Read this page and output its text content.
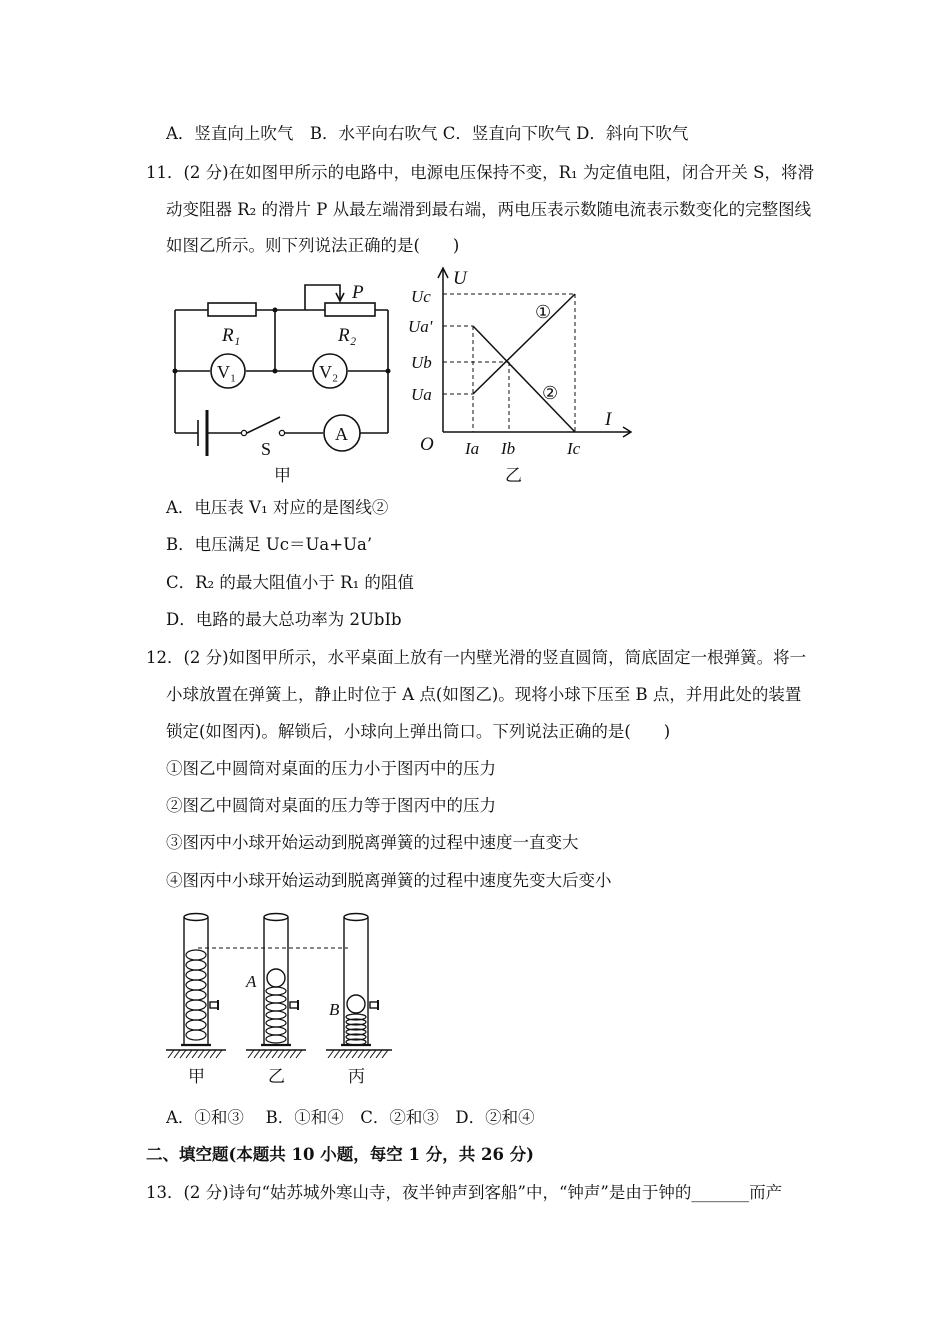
A．竖直向上吹气　B．水平向右吹气 C．竖直向下吹气 D．斜向下吹气
11．(2 分)在如图甲所示的电路中，电源电压保持不变，R₁ 为定值电阻，闭合开关 S，将滑
动变阻器 R₂ 的滑片 P 从最左端滑到最右端，两电压表示数随电流表示数变化的完整图线
如图乙所示。则下列说法正确的是(　　)
R₁	R₂
P
V₁	V₂
A
S
甲
U
I
O
Uc
Ua'
Ub
Ua
Ia Ib	Ic
①
②
乙
A．电压表 V₁ 对应的是图线②
B．电压满足 Uc＝Ua+Ua’
C．R₂ 的最大阻值小于 R₁ 的阻值
D．电路的最大总功率为 2UbIb
12．(2 分)如图甲所示，水平桌面上放有一内壁光滑的竖直圆筒，筒底固定一根弹簧。将一
小球放置在弹簧上，静止时位于 A 点(如图乙)。现将小球下压至 B 点，并用此处的装置
锁定(如图丙)。解锁后，小球向上弹出筒口。下列说法正确的是(　　)
①图乙中圆筒对桌面的压力小于图丙中的压力
②图乙中圆筒对桌面的压力等于图丙中的压力
③图丙中小球开始运动到脱离弹簧的过程中速度一直变大
④图丙中小球开始运动到脱离弹簧的过程中速度先变大后变小
A
B
甲	乙	丙
A．①和③　 B．①和④　C．②和③　D．②和④
二、填空题(本题共 10 小题，每空 1 分，共 26 分)
13．(2 分)诗句“姑苏城外寒山寺，夜半钟声到客船”中，“钟声”是由于钟的_______而产
